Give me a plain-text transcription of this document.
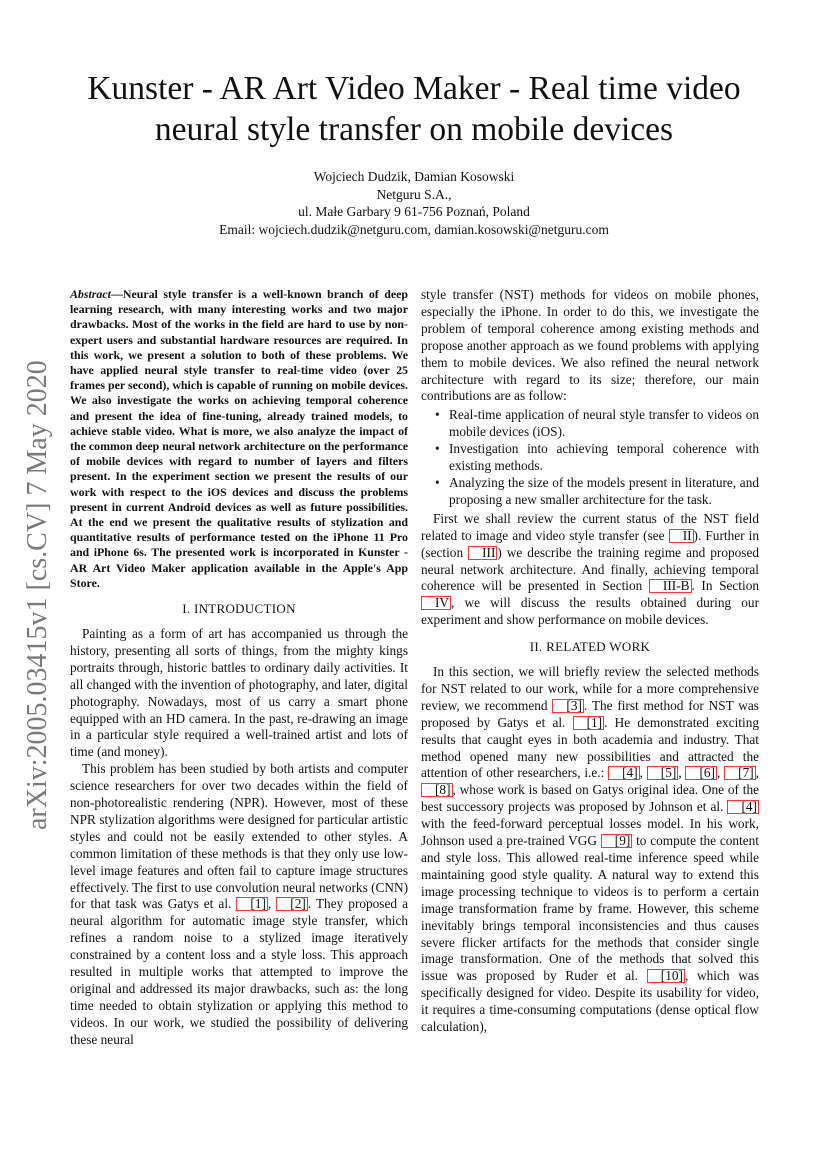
arXiv:2005.03415v1 [cs.CV] 7 May 2020
Kunster - AR Art Video Maker - Real time video neural style transfer on mobile devices
Wojciech Dudzik, Damian Kosowski
Netguru S.A.,
ul. Małe Garbary 9 61-756 Poznań, Poland
Email: wojciech.dudzik@netguru.com, damian.kosowski@netguru.com
Abstract—Neural style transfer is a well-known branch of deep learning research, with many interesting works and two major drawbacks. Most of the works in the field are hard to use by non-expert users and substantial hardware resources are required. In this work, we present a solution to both of these problems. We have applied neural style transfer to real-time video (over 25 frames per second), which is capable of running on mobile devices. We also investigate the works on achieving temporal coherence and present the idea of fine-tuning, already trained models, to achieve stable video. What is more, we also analyze the impact of the common deep neural network architecture on the performance of mobile devices with regard to number of layers and filters present. In the experiment section we present the results of our work with respect to the iOS devices and discuss the problems present in current Android devices as well as future possibilities. At the end we present the qualitative results of stylization and quantitative results of performance tested on the iPhone 11 Pro and iPhone 6s. The presented work is incorporated in Kunster - AR Art Video Maker application available in the Apple's App Store.
I. INTRODUCTION

Painting as a form of art has accompanied us through the history, presenting all sorts of things, from the mighty kings portraits through, historic battles to ordinary daily activities. It all changed with the invention of photography, and later, digital photography. Nowadays, most of us carry a smart phone equipped with an HD camera. In the past, re-drawing an image in a particular style required a well-trained artist and lots of time (and money).

This problem has been studied by both artists and computer science researchers for over two decades within the field of non-photorealistic rendering (NPR). However, most of these NPR stylization algorithms were designed for particular artistic styles and could not be easily extended to other styles. A common limitation of these methods is that they only use low-level image features and often fail to capture image structures effectively. The first to use convolution neural networks (CNN) for that task was Gatys et al. [1] , [2] . They proposed a neural algorithm for automatic image style transfer, which refines a random noise to a stylized image iteratively constrained by a content loss and a style loss. This approach resulted in multiple works that attempted to improve the original and addressed its major drawbacks, such as: the long time needed to obtain stylization or applying this method to videos. In our work, we studied the possibility of delivering these neural

style transfer (NST) methods for videos on mobile phones, especially the iPhone. In order to do this, we investigate the problem of temporal coherence among existing methods and propose another approach as we found problems with applying them to mobile devices. We also refined the neural network architecture with regard to its size; therefore, our main contributions are as follow:

• Real-time application of neural style transfer to videos on mobile devices (iOS).
• Investigation into achieving temporal coherence with existing methods.
• Analyzing the size of the models present in literature, and proposing a new smaller architecture for the task.

First we shall review the current status of the NST field related to image and video style transfer (see II ). Further in (section III ) we describe the training regime and proposed neural network architecture. And finally, achieving temporal coherence will be presented in Section III-B . In Section IV , we will discuss the results obtained during our experiment and show performance on mobile devices.

II. RELATED WORK

In this section, we will briefly review the selected methods for NST related to our work, while for a more comprehensive review, we recommend [3] . The first method for NST was proposed by Gatys et al. [1] . He demonstrated exciting results that caught eyes in both academia and industry. That method opened many new possibilities and attracted the attention of other researchers, i.e.: [4] , [5] , [6] , [7] , [8] , whose work is based on Gatys original idea. One of the best successory projects was proposed by Johnson et al. [4] with the feed-forward perceptual losses model. In his work, Johnson used a pre-trained VGG [9] to compute the content and style loss. This allowed real-time inference speed while maintaining good style quality. A natural way to extend this image processing technique to videos is to perform a certain image transformation frame by frame. However, this scheme inevitably brings temporal inconsistencies and thus causes severe flicker artifacts for the methods that consider single image transformation. One of the methods that solved this issue was proposed by Ruder et al. [10] , which was specifically designed for video. Despite its usability for video, it requires a time-consuming computations (dense optical flow calculation),
